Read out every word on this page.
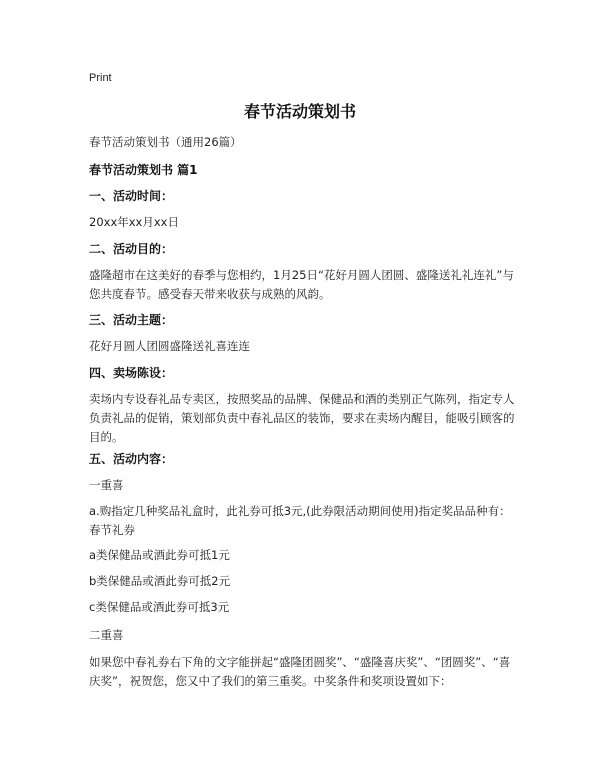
Print
春节活动策划书
春节活动策划书（通用26篇）
春节活动策划书 篇1
一、活动时间：
20xx年xx月xx日
二、活动目的：
盛隆超市在这美好的春季与您相约，1月25日“花好月圆人团圆、盛隆送礼礼连礼”与您共度春节。感受春天带来收获与成熟的风韵。
三、活动主题：
花好月圆人团圆盛隆送礼喜连连
四、卖场陈设：
卖场内专设春礼品专卖区，按照奖品的品牌、保健品和酒的类别正气陈列，指定专人负责礼品的促销，策划部负责中春礼品区的装饰，要求在卖场内醒目，能吸引顾客的目的。
五、活动内容：
一重喜
a.购指定几种奖品礼盒时，此礼券可抵3元,(此券限活动期间使用)指定奖品品种有：春节礼券
a类保健品或酒此券可抵1元
b类保健品或酒此券可抵2元
c类保健品或酒此券可抵3元
二重喜
如果您中春礼券右下角的文字能拼起“盛隆团圆奖”、“盛隆喜庆奖”、“团圆奖”、“喜庆奖”，祝贺您，您又中了我们的第三重奖。中奖条件和奖项设置如下：
